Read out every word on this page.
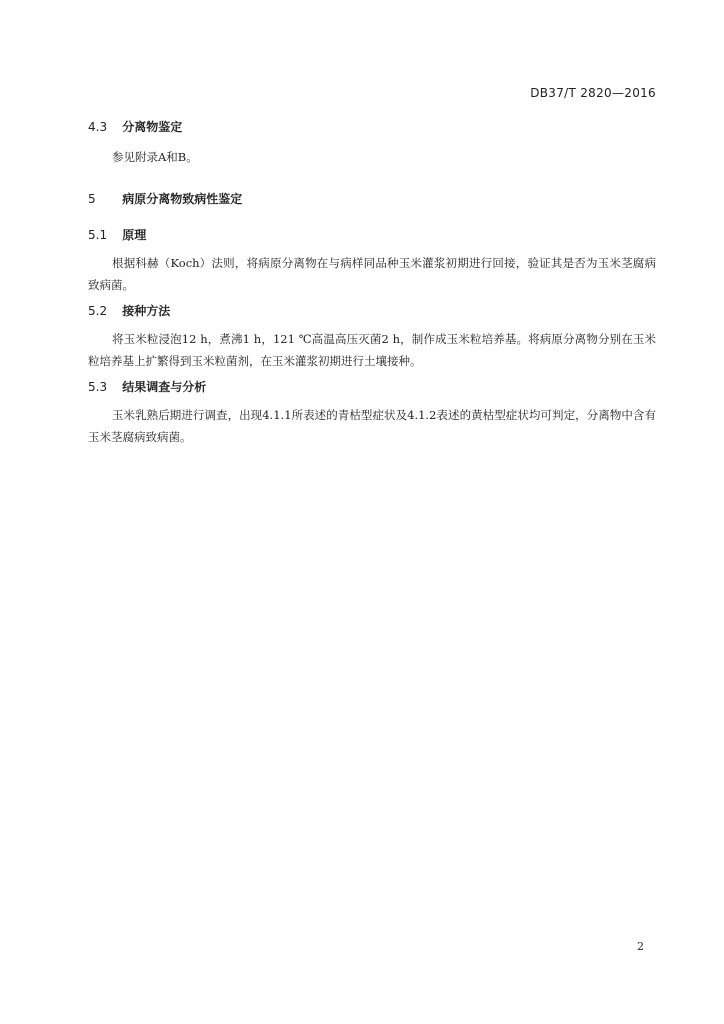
DB37/T 2820—2016
4.3 分离物鉴定

参见附录A和B。

5 病原分离物致病性鉴定
5.1 原理

根据科赫（Koch）法则，将病原分离物在与病样同品种玉米灌浆初期进行回接，验证其是否为玉米茎腐病致病菌。

5.2 接种方法

将玉米粒浸泡12 h，煮沸1 h，121 ℃高温高压灭菌2 h，制作成玉米粒培养基。将病原分离物分别在玉米粒培养基上扩繁得到玉米粒菌剂，在玉米灌浆初期进行土壤接种。

5.3 结果调查与分析

玉米乳熟后期进行调查，出现4.1.1所表述的青枯型症状及4.1.2表述的黄枯型症状均可判定，分离物中含有玉米茎腐病致病菌。

2
